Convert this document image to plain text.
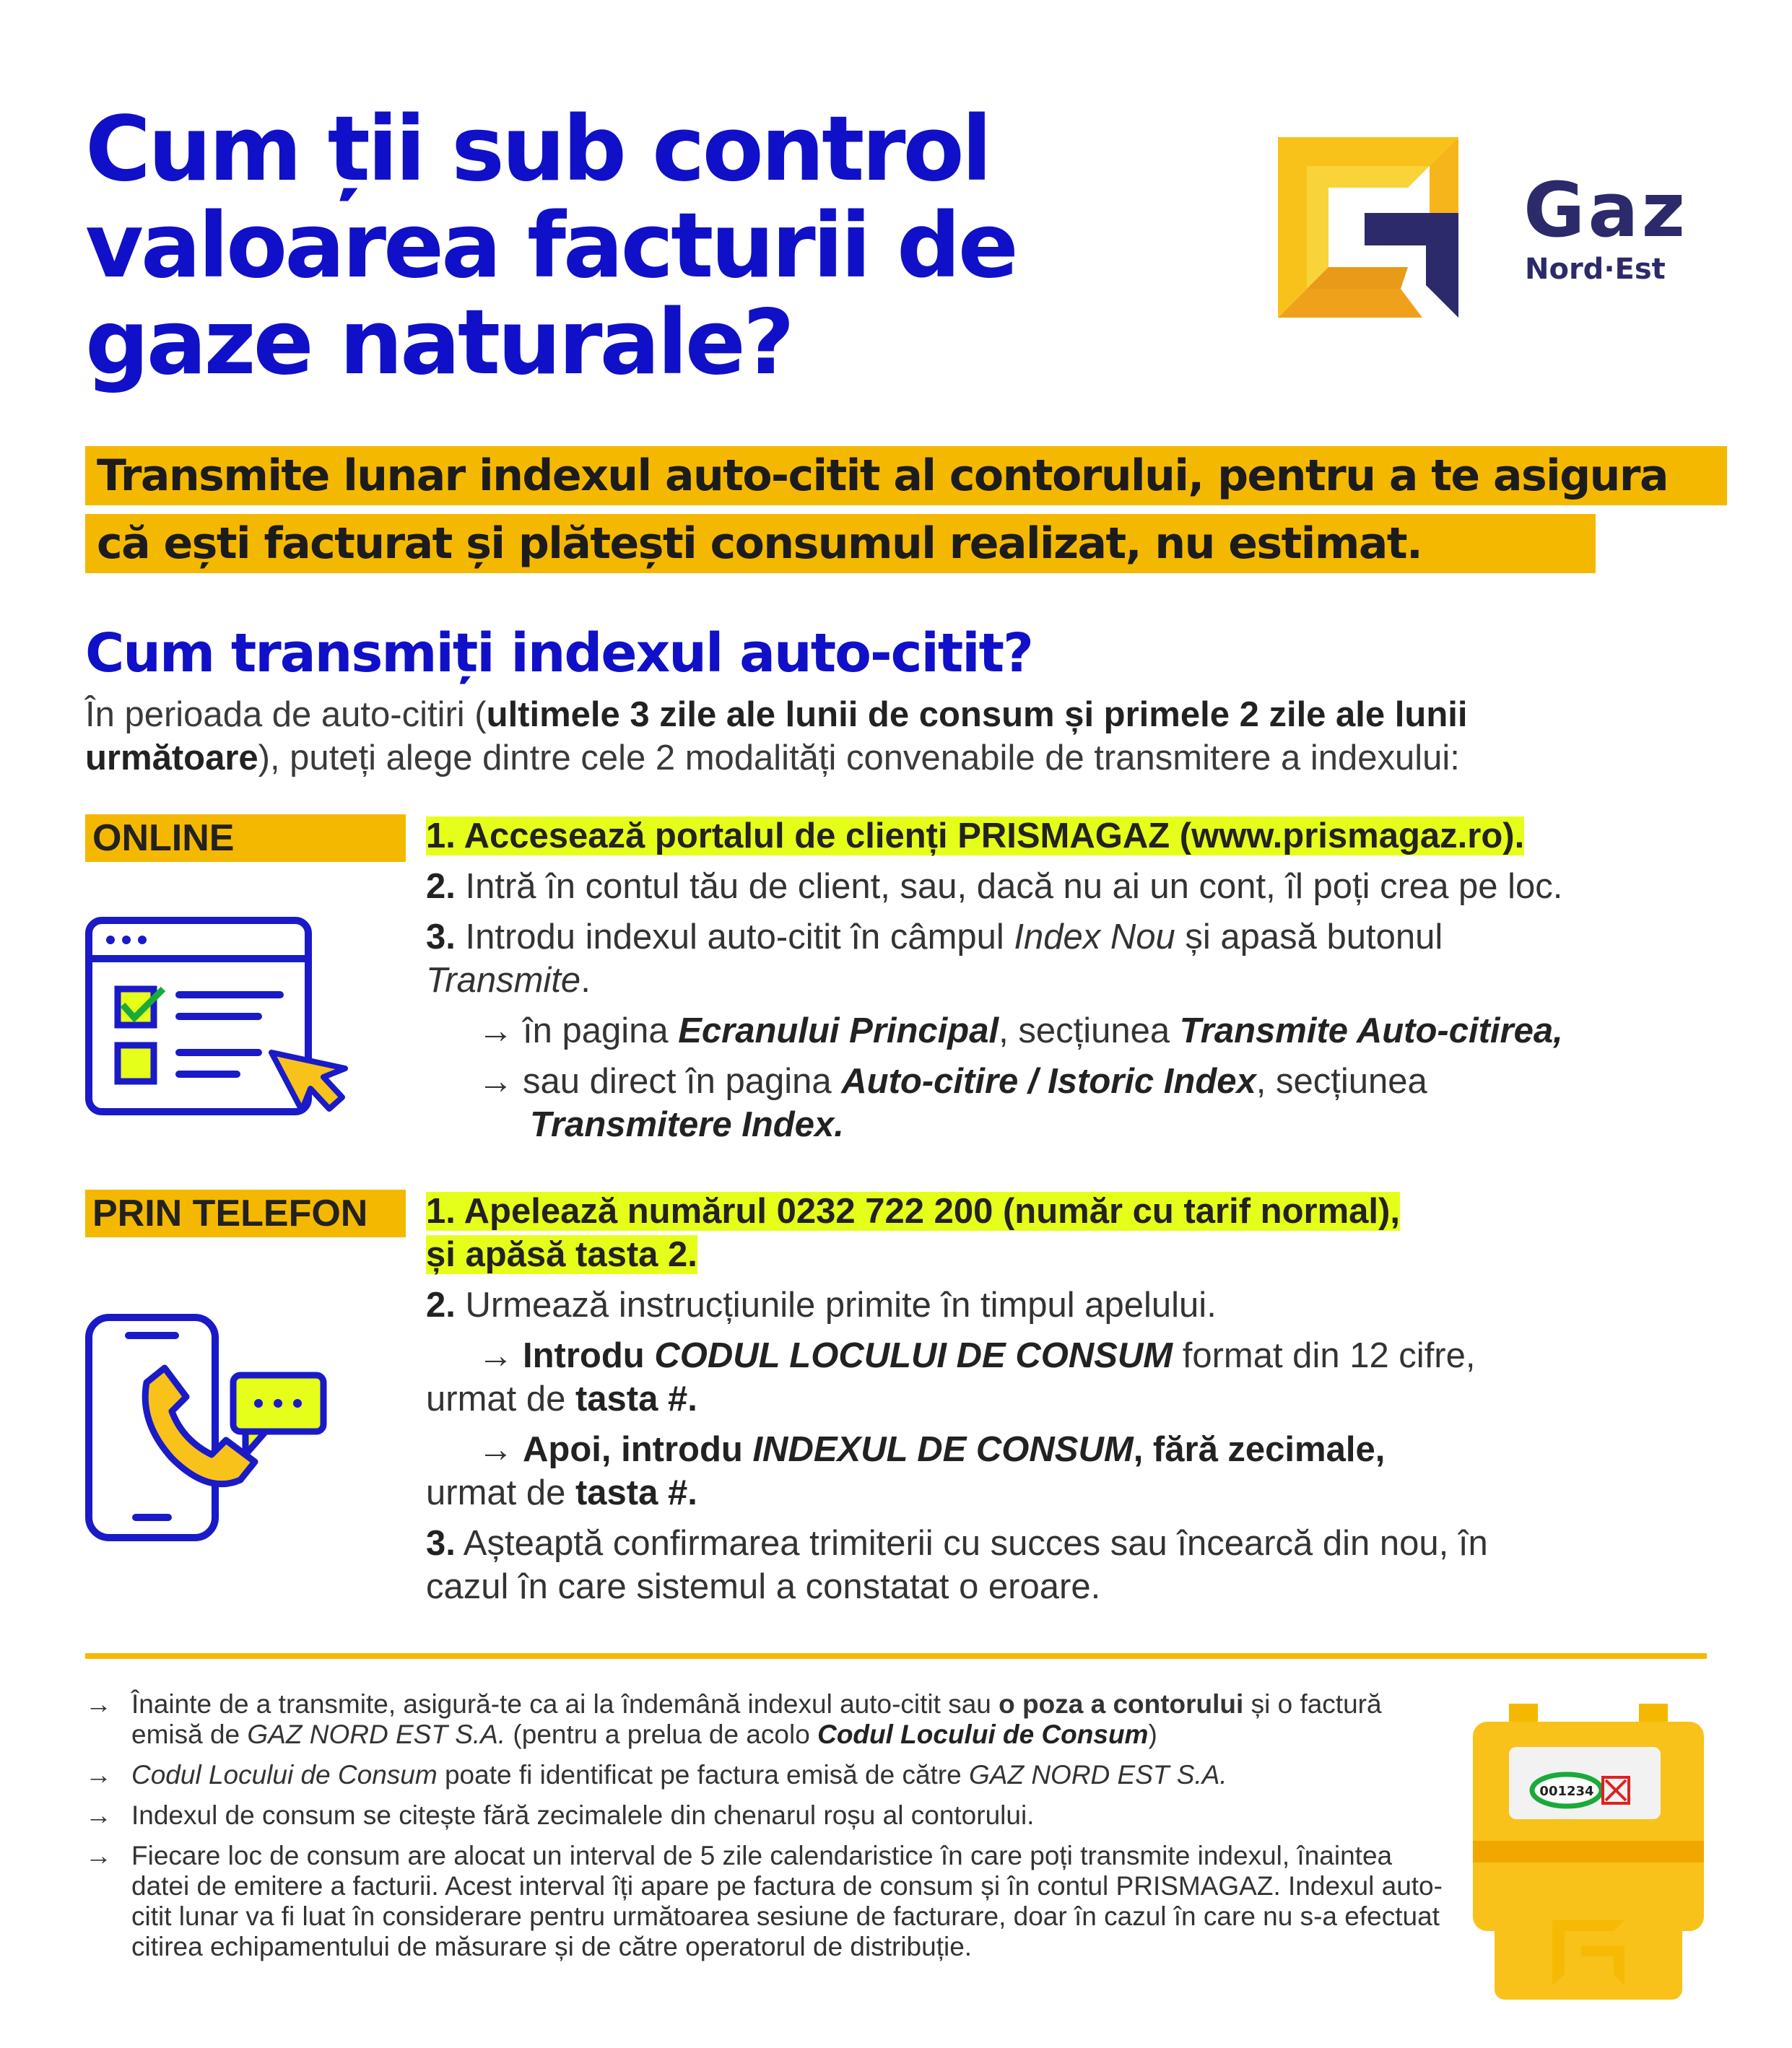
Cum ții sub control
valoarea facturii de
gaze naturale?
Gaz
Nord·Est
Transmite lunar indexul auto-citit al contorului, pentru a te asigura
că ești facturat și plătești consumul realizat, nu estimat.
Cum transmiți indexul auto-citit?
În perioada de auto-citiri (ultimele 3 zile ale lunii de consum și primele 2 zile ale lunii
următoare), puteți alege dintre cele 2 modalități convenabile de transmitere a indexului:
ONLINE	1. Accesează portalul de clienți PRISMAGAZ (www.prismagaz.ro).
2. Intră în contul tău de client, sau, dacă nu ai un cont, îl poți crea pe loc.
3. Introdu indexul auto-citit în câmpul Index Nou și apasă butonul
Transmite.
→ în pagina Ecranului Principal, secțiunea Transmite Auto-citirea,
→ sau direct în pagina Auto-citire / Istoric Index, secțiunea
Transmitere Index.
PRIN TELEFON	1. Apelează numărul 0232 722 200 (număr cu tarif normal),
și apăsă tasta 2.
2. Urmează instrucțiunile primite în timpul apelului.
→ Introdu CODUL LOCULUI DE CONSUM format din 12 cifre,
urmat de tasta #.
→ Apoi, introdu INDEXUL DE CONSUM, fără zecimale,
urmat de tasta #.
3. Așteaptă confirmarea trimiterii cu succes sau încearcă din nou, în
cazul în care sistemul a constatat o eroare.
→ Înainte de a transmite, asigură-te ca ai la îndemână indexul auto-citit sau o poza a contorului și o factură emisă de GAZ NORD EST S.A. (pentru a prelua de acolo Codul Locului de Consum)
→ Codul Locului de Consum poate fi identificat pe factura emisă de către GAZ NORD EST S.A.
→ Indexul de consum se citește fără zecimalele din chenarul roșu al contorului.
→ Fiecare loc de consum are alocat un interval de 5 zile calendaristice în care poți transmite indexul, înaintea datei de emitere a facturii. Acest interval îți apare pe factura de consum și în contul PRISMAGAZ. Indexul auto-citit lunar va fi luat în considerare pentru următoarea sesiune de facturare, doar în cazul în care nu s-a efectuat citirea echipamentului de măsurare și de către operatorul de distribuție.
001234
